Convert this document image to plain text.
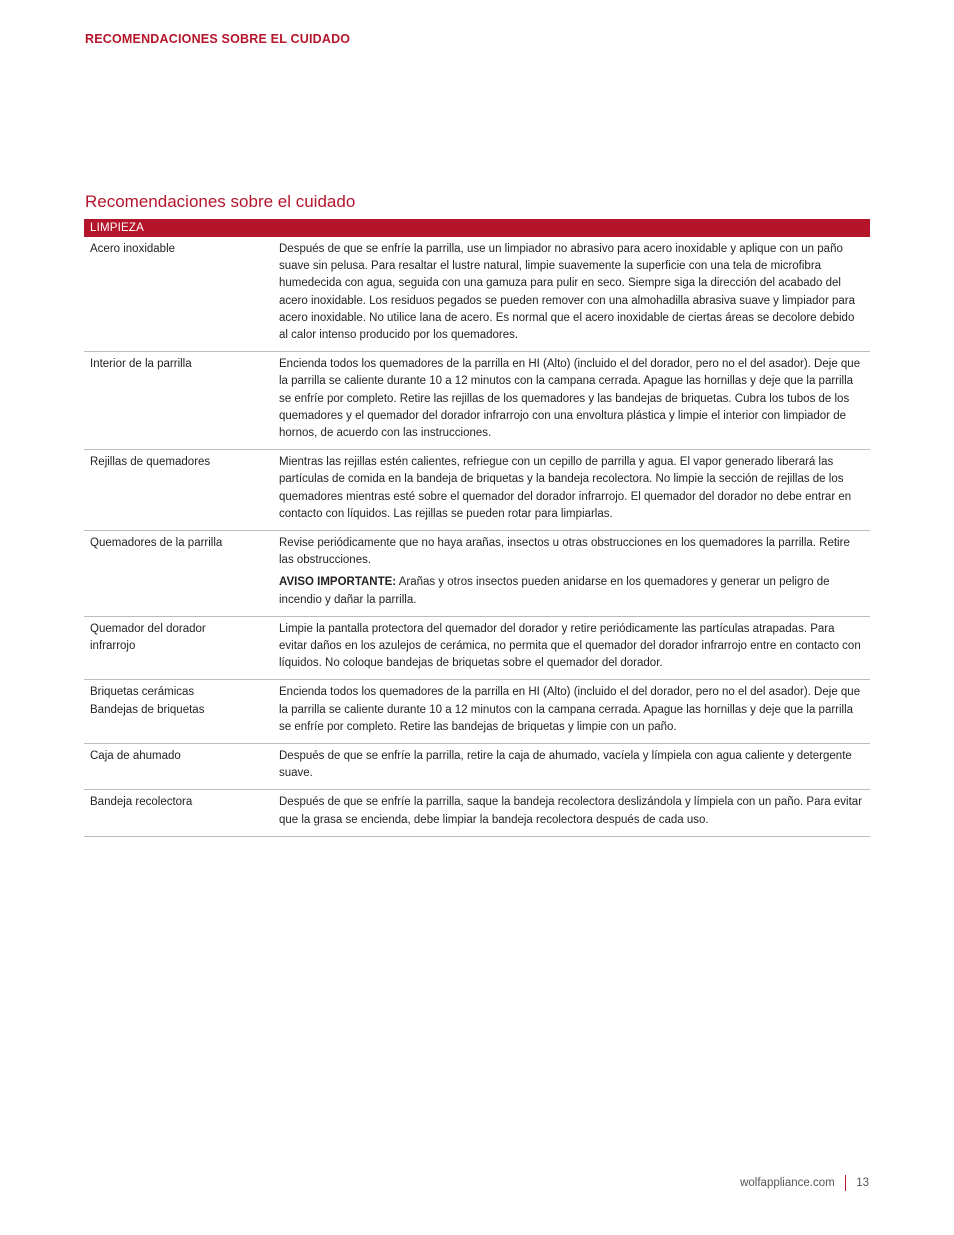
RECOMENDACIONES SOBRE EL CUIDADO
Recomendaciones sobre el cuidado
LIMPIEZA	
Acero inoxidable	Después de que se enfríe la parrilla, use un limpiador no abrasivo para acero inoxidable y aplique con un paño suave sin pelusa. Para resaltar el lustre natural, limpie suavemente la superficie con una tela de microfibra humedecida con agua, seguida con una gamuza para pulir en seco. Siempre siga la dirección del acabado del acero inoxidable. Los residuos pegados se pueden remover con una almohadilla abrasiva suave y limpiador para acero inoxidable. No utilice lana de acero. Es normal que el acero inoxidable de ciertas áreas se decolore debido al calor intenso producido por los quemadores.

Interior de la parrilla	Encienda todos los quemadores de la parrilla en HI (Alto) (incluido el del dorador, pero no el del asador). Deje que la parrilla se caliente durante 10 a 12 minutos con la campana cerrada. Apague las hornillas y deje que la parrilla se enfríe por completo. Retire las rejillas de los quemadores y las bandejas de briquetas. Cubra los tubos de los quemadores y el quemador del dorador infrarrojo con una envoltura plástica y limpie el interior con limpiador de hornos, de acuerdo con las instrucciones.

Rejillas de quemadores	Mientras las rejillas estén calientes, refriegue con un cepillo de parrilla y agua. El vapor generado liberará las partículas de comida en la bandeja de briquetas y la bandeja recolectora. No limpie la sección de rejillas de los quemadores mientras esté sobre el quemador del dorador infrarrojo. El quemador del dorador no debe entrar en contacto con líquidos. Las rejillas se pueden rotar para limpiarlas.

Quemadores de la parrilla	Revise periódicamente que no haya arañas, insectos u otras obstrucciones en los quemadores la parrilla. Retire las obstrucciones.

AVISO IMPORTANTE: Arañas y otros insectos pueden anidarse en los quemadores y generar un peligro de incendio y dañar la parrilla.

Quemador del dorador
infrarrojo	Limpie la pantalla protectora del quemador del dorador y retire periódicamente las partículas atrapadas. Para evitar daños en los azulejos de cerámica, no permita que el quemador del dorador infrarrojo entre en contacto con líquidos. No coloque bandejas de briquetas sobre el quemador del dorador.

Briquetas cerámicas
Bandejas de briquetas	Encienda todos los quemadores de la parrilla en HI (Alto) (incluido el del dorador, pero no el del asador). Deje que la parrilla se caliente durante 10 a 12 minutos con la campana cerrada. Apague las hornillas y deje que la parrilla se enfríe por completo. Retire las bandejas de briquetas y limpie con un paño.

Caja de ahumado	Después de que se enfríe la parrilla, retire la caja de ahumado, vacíela y límpiela con agua caliente y detergente suave.

Bandeja recolectora	Después de que se enfríe la parrilla, saque la bandeja recolectora deslizándola y límpiela con un paño. Para evitar que la grasa se encienda, debe limpiar la bandeja recolectora después de cada uso.

wolfappliance.com 13
